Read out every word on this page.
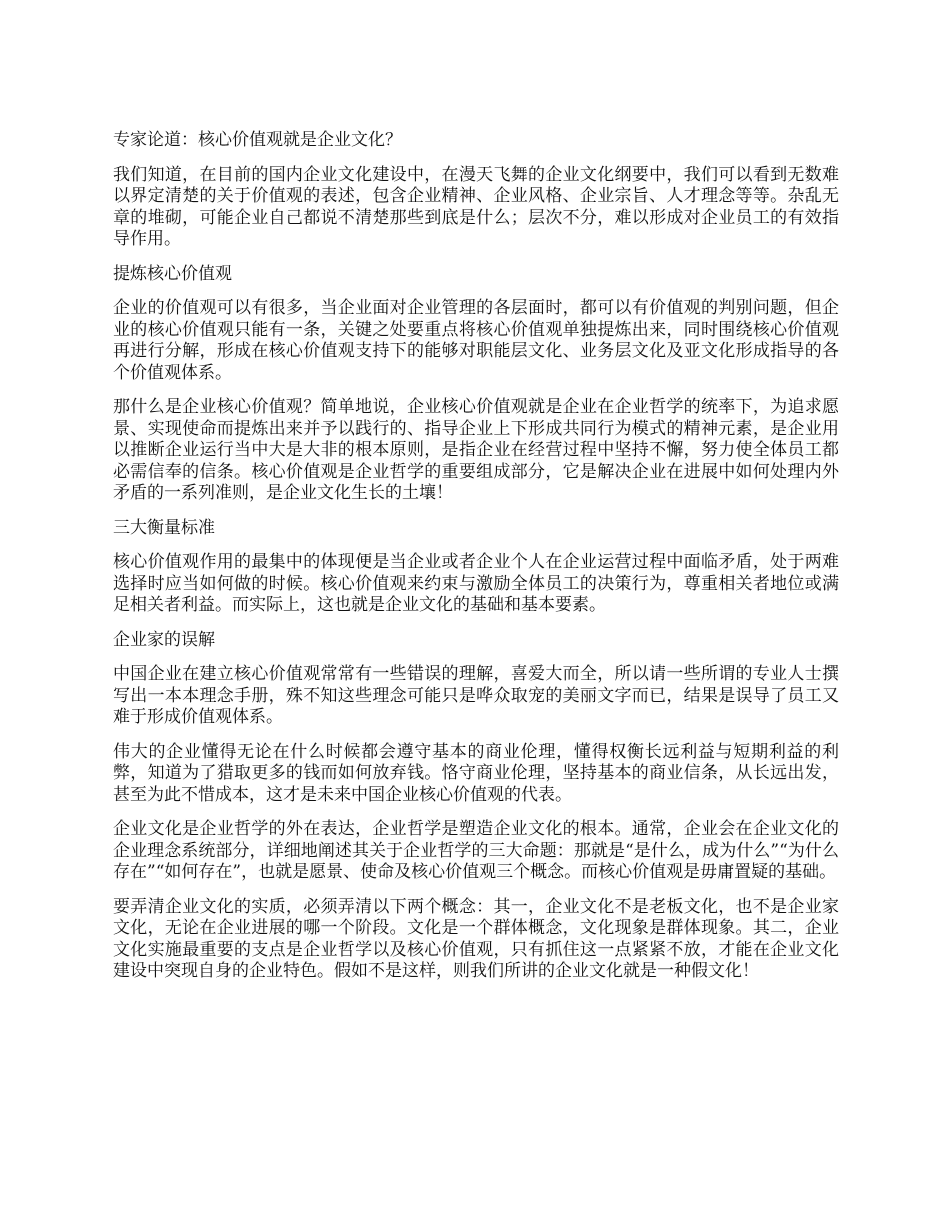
专家论道：核心价值观就是企业文化？

我们知道，在目前的国内企业文化建设中，在漫天飞舞的企业文化纲要中，我们可以看到无数难以界定清楚的关于价值观的表述，包含企业精神、企业风格、企业宗旨、人才理念等等。杂乱无章的堆砌，可能企业自己都说不清楚那些到底是什么；层次不分，难以形成对企业员工的有效指导作用。

提炼核心价值观

企业的价值观可以有很多，当企业面对企业管理的各层面时，都可以有价值观的判别问题，但企业的核心价值观只能有一条，关键之处要重点将核心价值观单独提炼出来，同时围绕核心价值观再进行分解，形成在核心价值观支持下的能够对职能层文化、业务层文化及亚文化形成指导的各个价值观体系。

那什么是企业核心价值观？简单地说，企业核心价值观就是企业在企业哲学的统率下，为追求愿景、实现使命而提炼出来并予以践行的、指导企业上下形成共同行为模式的精神元素，是企业用以推断企业运行当中大是大非的根本原则，是指企业在经营过程中坚持不懈，努力使全体员工都必需信奉的信条。核心价值观是企业哲学的重要组成部分，它是解决企业在进展中如何处理内外矛盾的一系列准则，是企业文化生长的土壤！

三大衡量标准

核心价值观作用的最集中的体现便是当企业或者企业个人在企业运营过程中面临矛盾，处于两难选择时应当如何做的时候。核心价值观来约束与激励全体员工的决策行为，尊重相关者地位或满足相关者利益。而实际上，这也就是企业文化的基础和基本要素。

企业家的误解

中国企业在建立核心价值观常常有一些错误的理解，喜爱大而全，所以请一些所谓的专业人士撰写出一本本理念手册，殊不知这些理念可能只是哗众取宠的美丽文字而已，结果是误导了员工又难于形成价值观体系。

伟大的企业懂得无论在什么时候都会遵守基本的商业伦理，懂得权衡长远利益与短期利益的利弊，知道为了猎取更多的钱而如何放弃钱。恪守商业伦理，坚持基本的商业信条，从长远出发，甚至为此不惜成本，这才是未来中国企业核心价值观的代表。

企业文化是企业哲学的外在表达，企业哲学是塑造企业文化的根本。通常，企业会在企业文化的企业理念系统部分，详细地阐述其关于企业哲学的三大命题：那就是“是什么，成为什么”“为什么存在”“如何存在”，也就是愿景、使命及核心价值观三个概念。而核心价值观是毋庸置疑的基础。

要弄清企业文化的实质，必须弄清以下两个概念：其一，企业文化不是老板文化，也不是企业家文化，无论在企业进展的哪一个阶段。文化是一个群体概念，文化现象是群体现象。其二，企业文化实施最重要的支点是企业哲学以及核心价值观，只有抓住这一点紧紧不放，才能在企业文化建设中突现自身的企业特色。假如不是这样，则我们所讲的企业文化就是一种假文化！
